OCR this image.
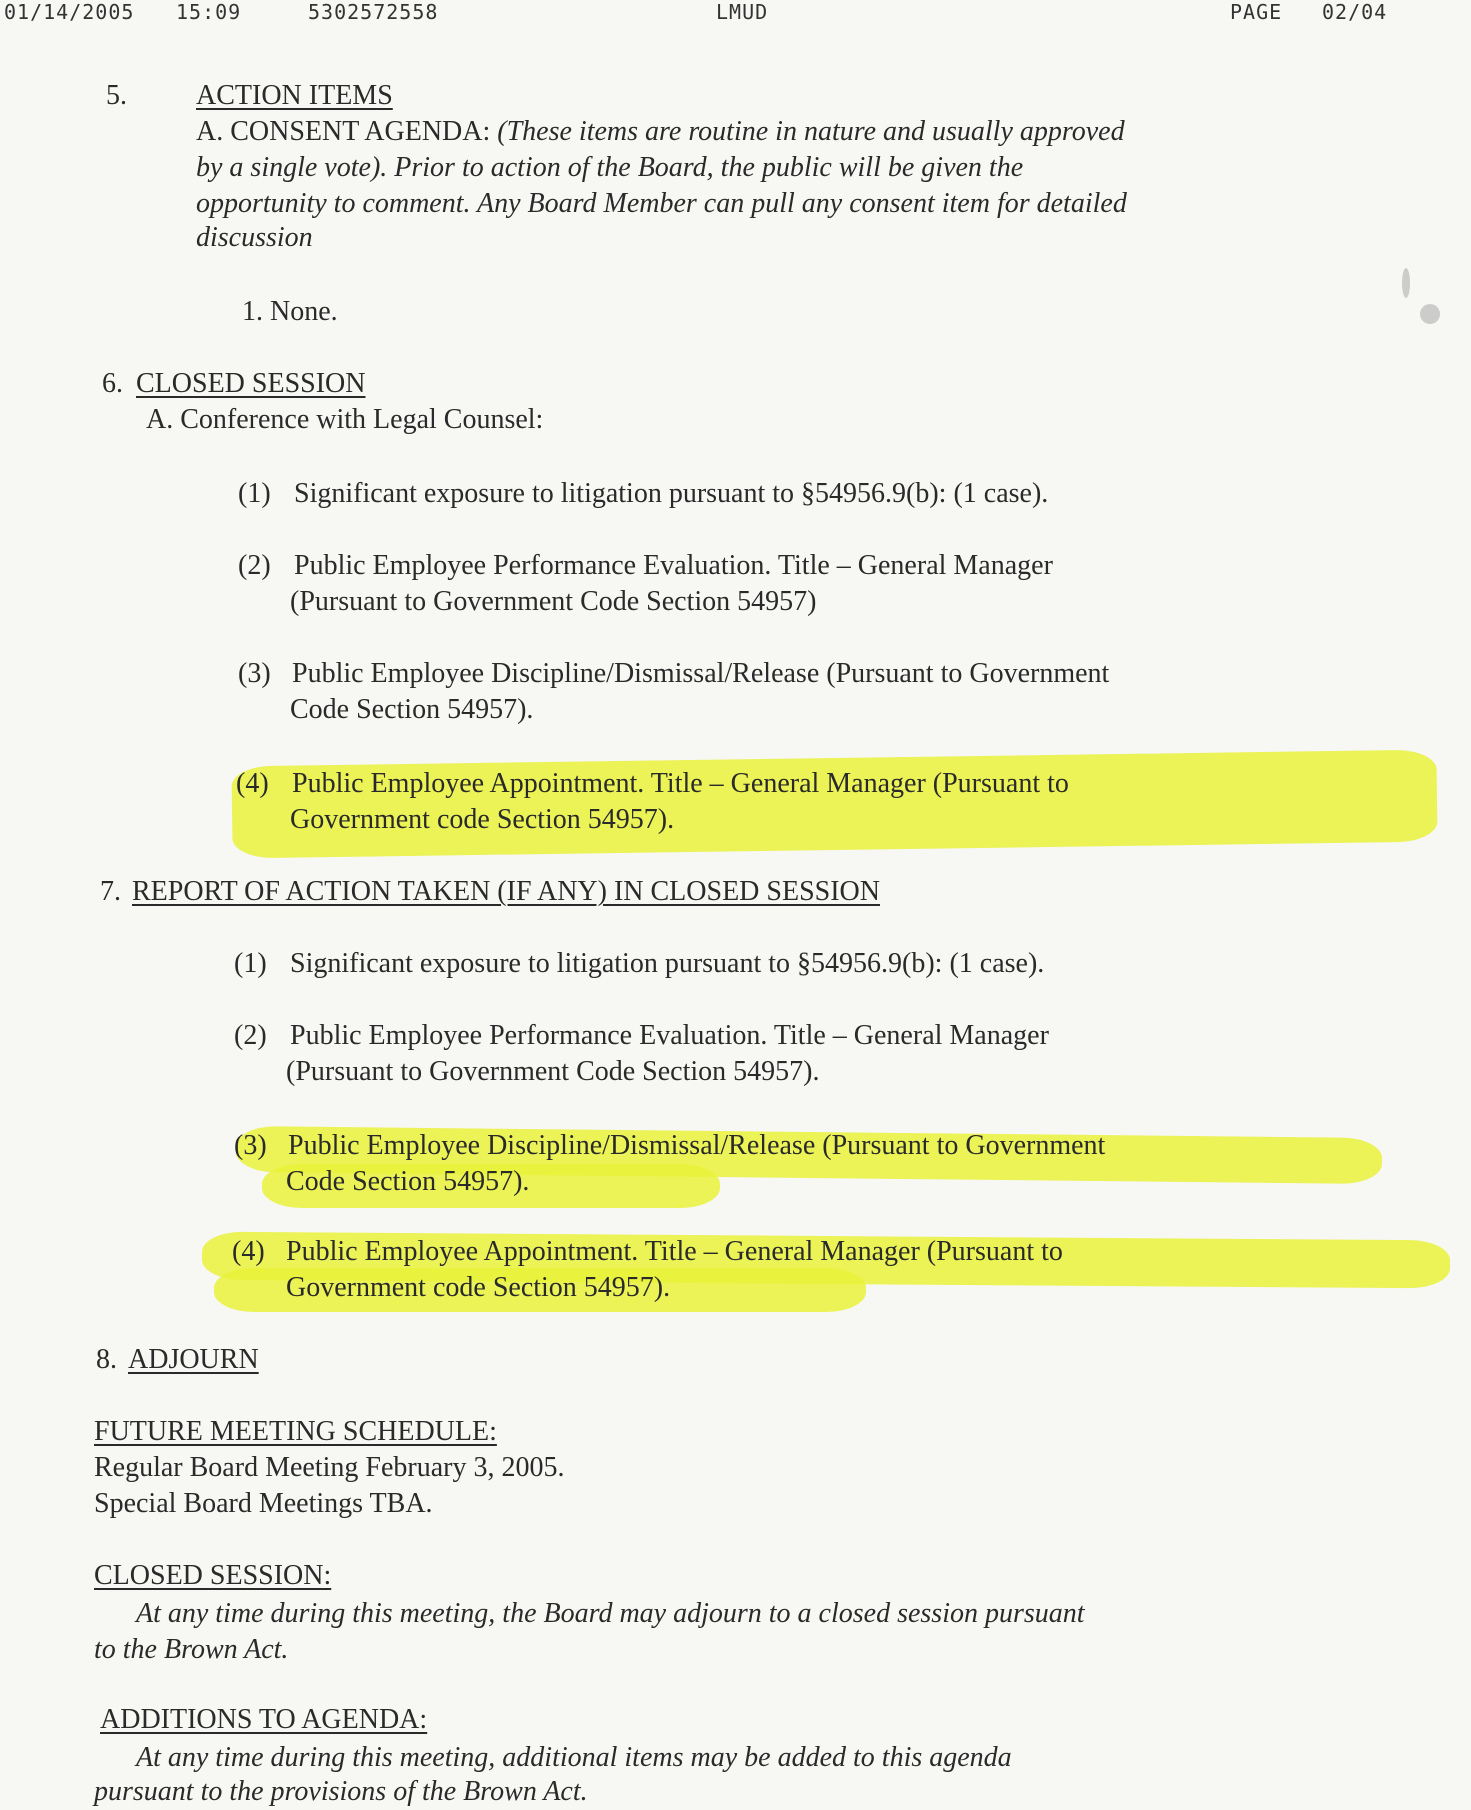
01/14/2005 15:09	5302572558	LMUD	PAGE 02/04
5. ACTION ITEMS
A. CONSENT AGENDA: (These items are routine in nature and usually approved
by a single vote). Prior to action of the Board, the public will be given the
opportunity to comment. Any Board Member can pull any consent item for detailed
discussion
1. None.
6. CLOSED SESSION
A. Conference with Legal Counsel:
(1) Significant exposure to litigation pursuant to §54956.9(b): (1 case).
(2) Public Employee Performance Evaluation. Title – General Manager
(Pursuant to Government Code Section 54957)
(3) Public Employee Discipline/Dismissal/Release (Pursuant to Government
Code Section 54957).
(4) Public Employee Appointment. Title – General Manager (Pursuant to
Government code Section 54957).
7. REPORT OF ACTION TAKEN (IF ANY) IN CLOSED SESSION
(1) Significant exposure to litigation pursuant to §54956.9(b): (1 case).
(2) Public Employee Performance Evaluation. Title – General Manager
(Pursuant to Government Code Section 54957).
(3) Public Employee Discipline/Dismissal/Release (Pursuant to Government
Code Section 54957).
(4) Public Employee Appointment. Title – General Manager (Pursuant to
Government code Section 54957).
8. ADJOURN
FUTURE MEETING SCHEDULE:
Regular Board Meeting February 3, 2005.
Special Board Meetings TBA.
CLOSED SESSION:
At any time during this meeting, the Board may adjourn to a closed session pursuant
to the Brown Act.
ADDITIONS TO AGENDA:
At any time during this meeting, additional items may be added to this agenda
pursuant to the provisions of the Brown Act.
